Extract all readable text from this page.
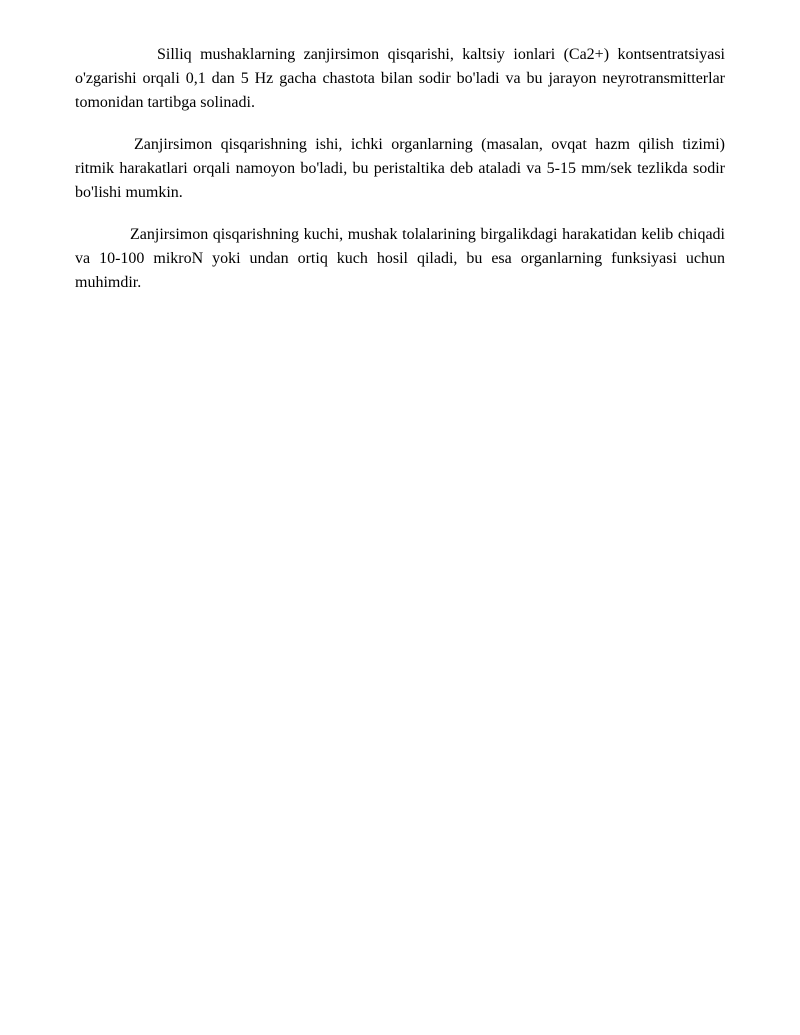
Silliq mushaklarning zanjirsimon qisqarishi, kaltsiy ionlari (Ca2+) kontsentratsiyasi o'zgarishi orqali 0,1 dan 5 Hz gacha chastota bilan sodir bo'ladi va bu jarayon neyrotransmitterlar tomonidan tartibga solinadi.

Zanjirsimon qisqarishning ishi, ichki organlarning (masalan, ovqat hazm qilish tizimi) ritmik harakatlari orqali namoyon bo'ladi, bu peristaltika deb ataladi va 5-15 mm/sek tezlikda sodir bo'lishi mumkin.

Zanjirsimon qisqarishning kuchi, mushak tolalarining birgalikdagi harakatidan kelib chiqadi va 10-100 mikroN yoki undan ortiq kuch hosil qiladi, bu esa organlarning funksiyasi uchun muhimdir.
